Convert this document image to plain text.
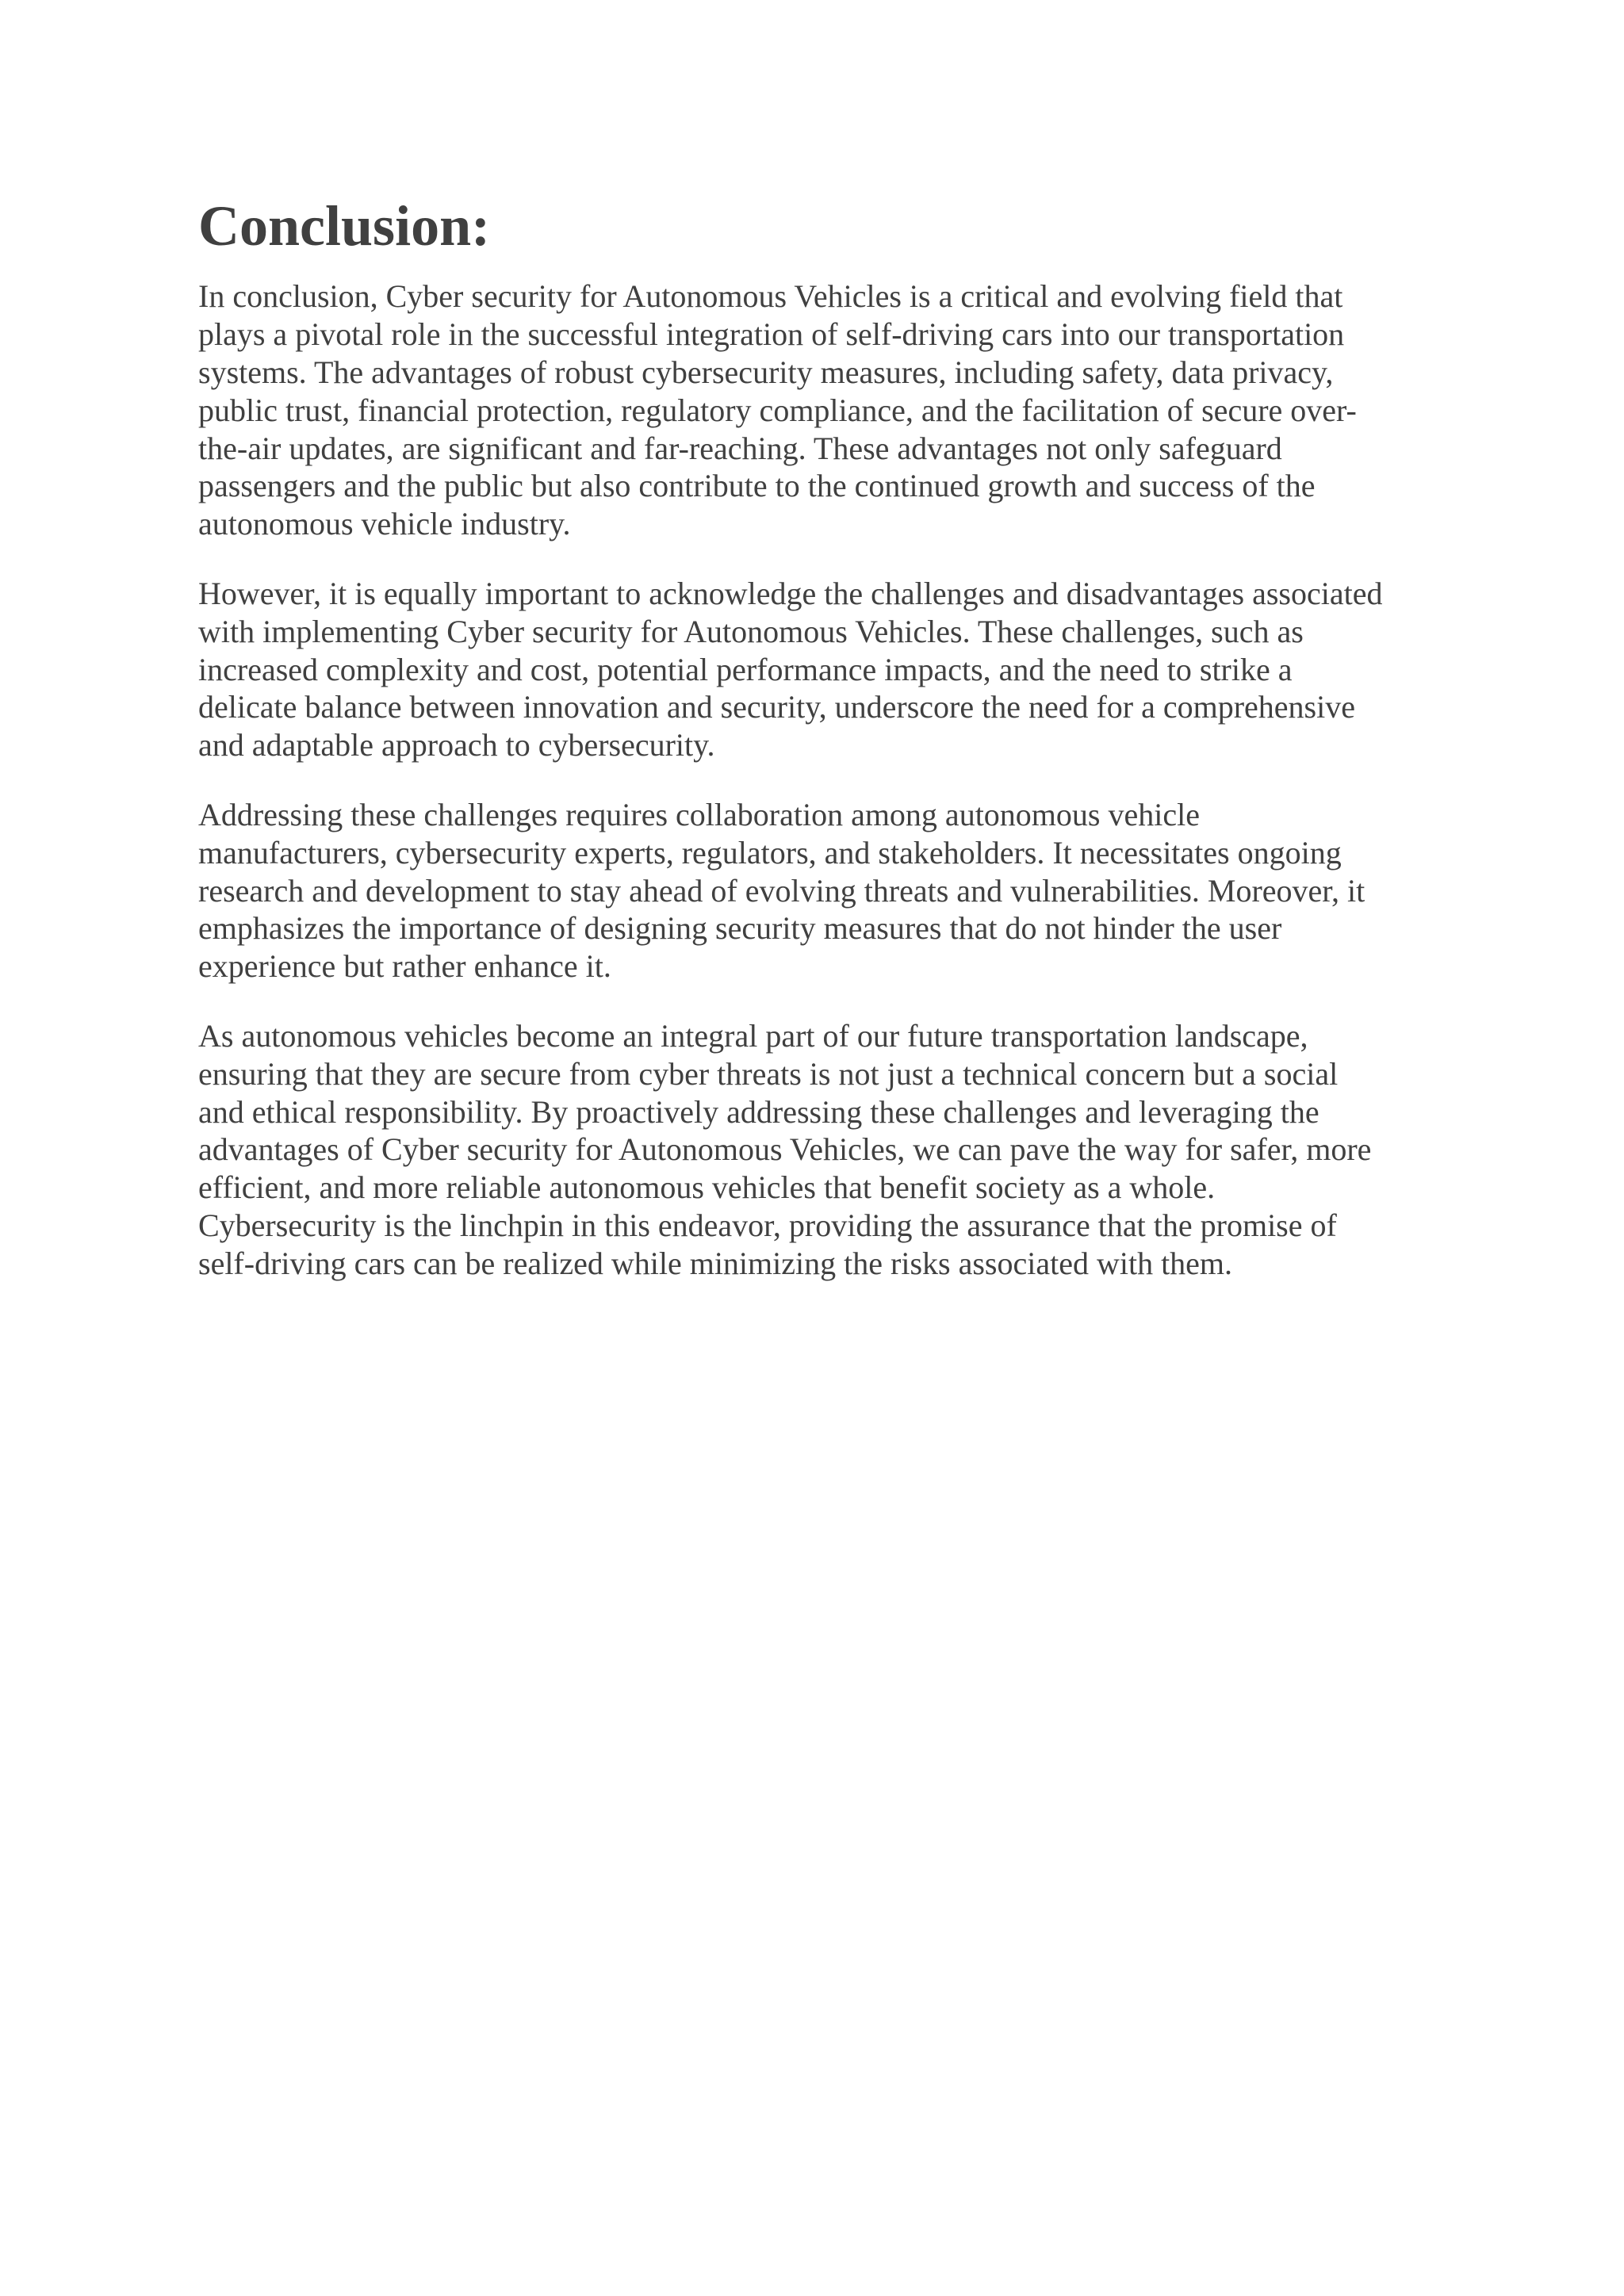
Conclusion:

In conclusion, Cyber security for Autonomous Vehicles is a critical and evolving field that
plays a pivotal role in the successful integration of self-driving cars into our transportation
systems. The advantages of robust cybersecurity measures, including safety, data privacy,
public trust, financial protection, regulatory compliance, and the facilitation of secure over-
the-air updates, are significant and far-reaching. These advantages not only safeguard
passengers and the public but also contribute to the continued growth and success of the
autonomous vehicle industry.

However, it is equally important to acknowledge the challenges and disadvantages associated
with implementing Cyber security for Autonomous Vehicles. These challenges, such as
increased complexity and cost, potential performance impacts, and the need to strike a
delicate balance between innovation and security, underscore the need for a comprehensive
and adaptable approach to cybersecurity.

Addressing these challenges requires collaboration among autonomous vehicle
manufacturers, cybersecurity experts, regulators, and stakeholders. It necessitates ongoing
research and development to stay ahead of evolving threats and vulnerabilities. Moreover, it
emphasizes the importance of designing security measures that do not hinder the user
experience but rather enhance it.

As autonomous vehicles become an integral part of our future transportation landscape,
ensuring that they are secure from cyber threats is not just a technical concern but a social
and ethical responsibility. By proactively addressing these challenges and leveraging the
advantages of Cyber security for Autonomous Vehicles, we can pave the way for safer, more
efficient, and more reliable autonomous vehicles that benefit society as a whole.
Cybersecurity is the linchpin in this endeavor, providing the assurance that the promise of
self-driving cars can be realized while minimizing the risks associated with them.
